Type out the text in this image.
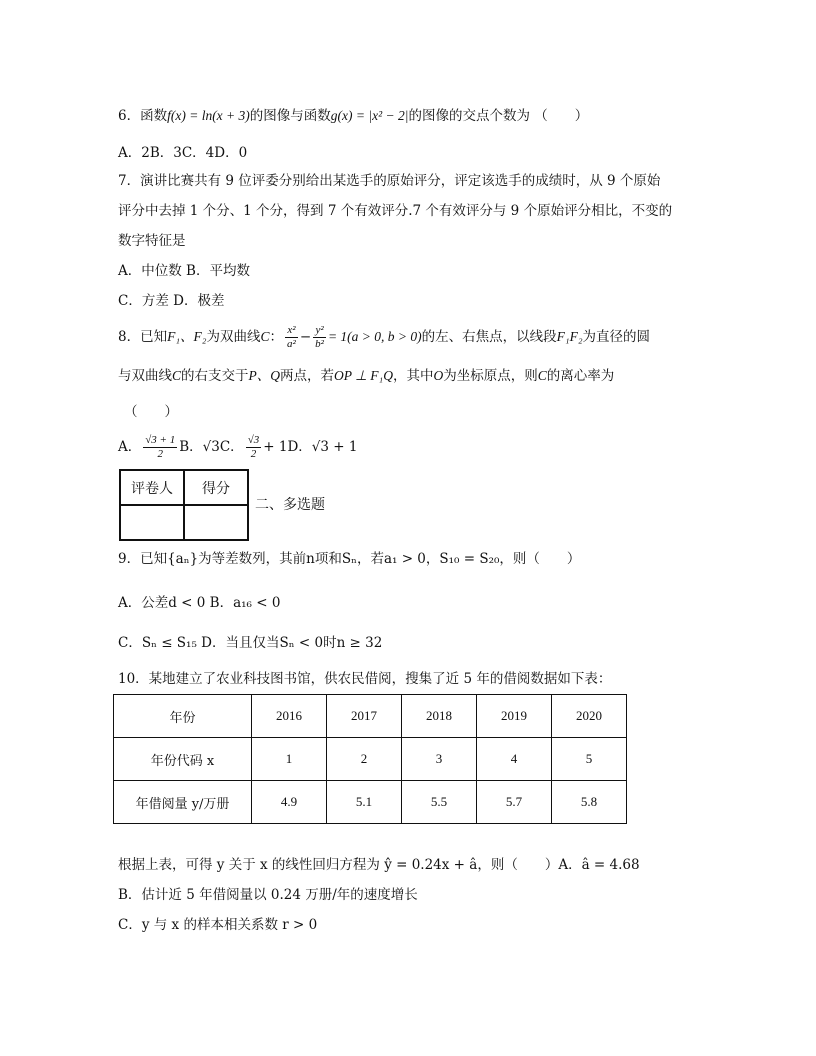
6．函数f(x) = ln(x + 3)的图像与函数g(x) = |x² − 2|的图像的交点个数为 （　　）
A．2B．3C．4D．0
7．演讲比赛共有 9 位评委分别给出某选手的原始评分，评定该选手的成绩时，从 9 个原始
评分中去掉 1 个分、1 个分，得到 7 个有效评分.7 个有效评分与 9 个原始评分相比，不变的
数字特征是
A．中位数 B．平均数
C．方差 D．极差
8．已知F₁、F₂为双曲线C： $\frac{\text{x²}}{\text{a²}} - \frac{\text{y²}}{\text{b²}} = 1(a > 0$, b > 0)的左、右焦点，以线段F₁F₂为直径的圆
与双曲线C的右支交于P、Q两点，若OP ⊥ F₁Q，其中O为坐标原点，则C的离心率为
（　　）
A． $\frac{√3 + 1}{2}$ B．√3C． $\frac{√3}{2} + 1D$．√3 + 1
评卷人	得分

二、多选题
9．已知{aₙ}为等差数列，其前n项和Sₙ，若a₁ > 0，S₁₀ = S₂₀，则（　　）
A．公差d < 0 B．a₁₆ < 0
C．Sₙ ≤ S₁₅ D．当且仅当Sₙ < 0时n ≥ 32
10．某地建立了农业科技图书馆，供农民借阅，搜集了近 5 年的借阅数据如下表：
年份	2016	2017	2018	2019	2020
年份代码 x	1	2	3	4	5
年借阅量 y/万册	4.9	5.1	5.5	5.7	5.8
根据上表，可得 y 关于 x 的线性回归方程为 ŷ = 0.24x + â，则（　　）A．â = 4.68
B．估计近 5 年借阅量以 0.24 万册/年的速度增长
C．y 与 x 的样本相关系数 r > 0
